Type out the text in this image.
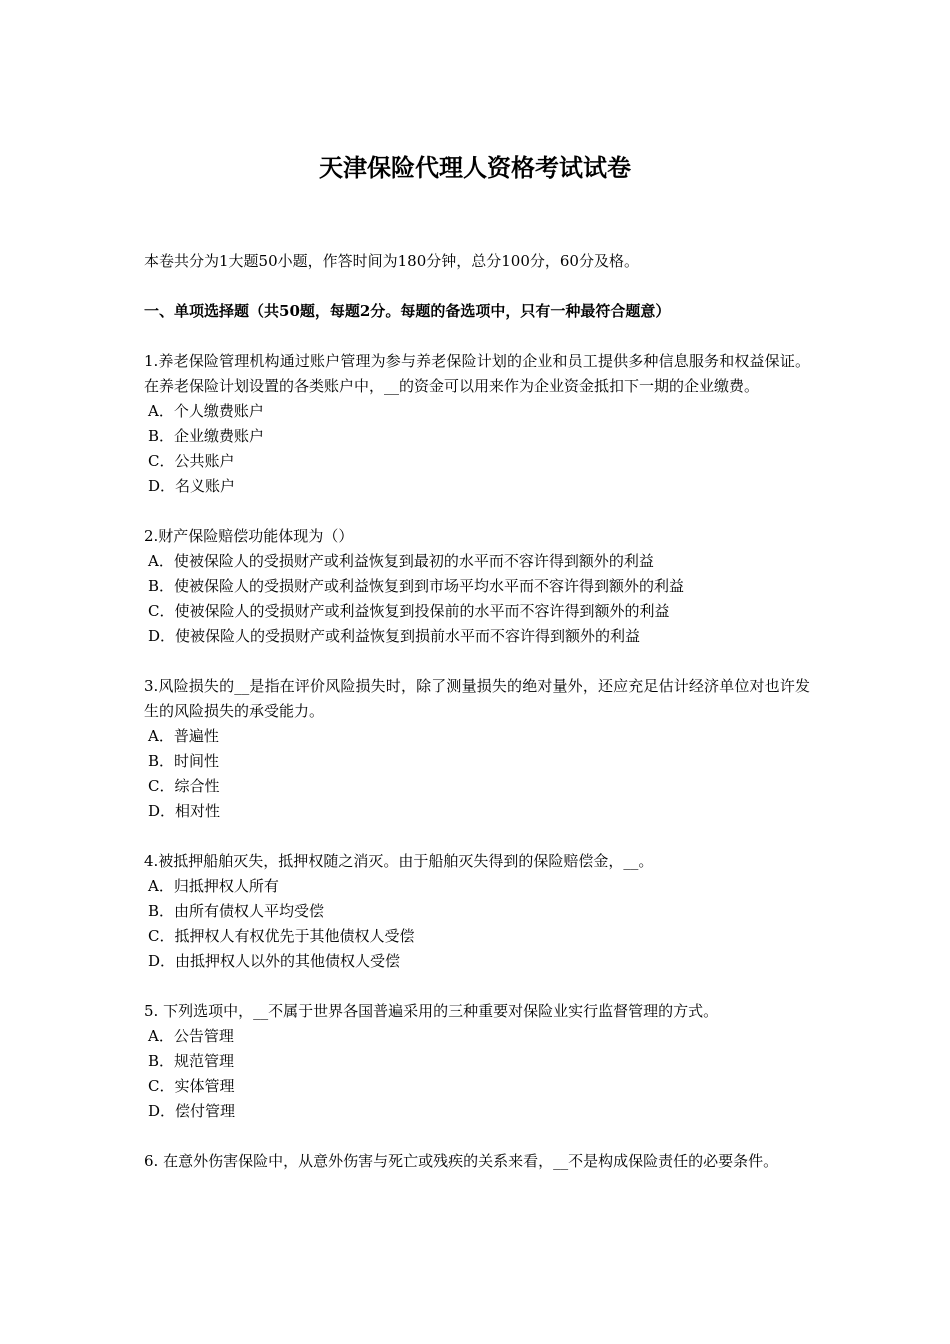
天津保险代理人资格考试试卷

本卷共分为1大题50小题，作答时间为180分钟，总分100分，60分及格。

一、单项选择题（共50题，每题2分。每题的备选项中，只有一种最符合题意）

1.养老保险管理机构通过账户管理为参与养老保险计划的企业和员工提供多种信息服务和权益保证。在养老保险计划设置的各类账户中，__的资金可以用来作为企业资金抵扣下一期的企业缴费。

A．个人缴费账户

B．企业缴费账户

C．公共账户

D．名义账户

2.财产保险赔偿功能体现为（）

A．使被保险人的受损财产或利益恢复到最初的水平而不容许得到额外的利益

B．使被保险人的受损财产或利益恢复到到市场平均水平而不容许得到额外的利益

C．使被保险人的受损财产或利益恢复到投保前的水平而不容许得到额外的利益

D．使被保险人的受损财产或利益恢复到损前水平而不容许得到额外的利益

3.风险损失的__是指在评价风险损失时，除了测量损失的绝对量外，还应充足估计经济单位对也许发生的风险损失的承受能力。

A．普遍性

B．时间性

C．综合性

D．相对性

4.被抵押船舶灭失，抵押权随之消灭。由于船舶灭失得到的保险赔偿金，__。

A．归抵押权人所有

B．由所有债权人平均受偿

C．抵押权人有权优先于其他债权人受偿

D．由抵押权人以外的其他债权人受偿

5. 下列选项中，__不属于世界各国普遍采用的三种重要对保险业实行监督管理的方式。

A．公告管理

B．规范管理

C．实体管理

D．偿付管理

6. 在意外伤害保险中，从意外伤害与死亡或残疾的关系来看，__不是构成保险责任的必要条件。
